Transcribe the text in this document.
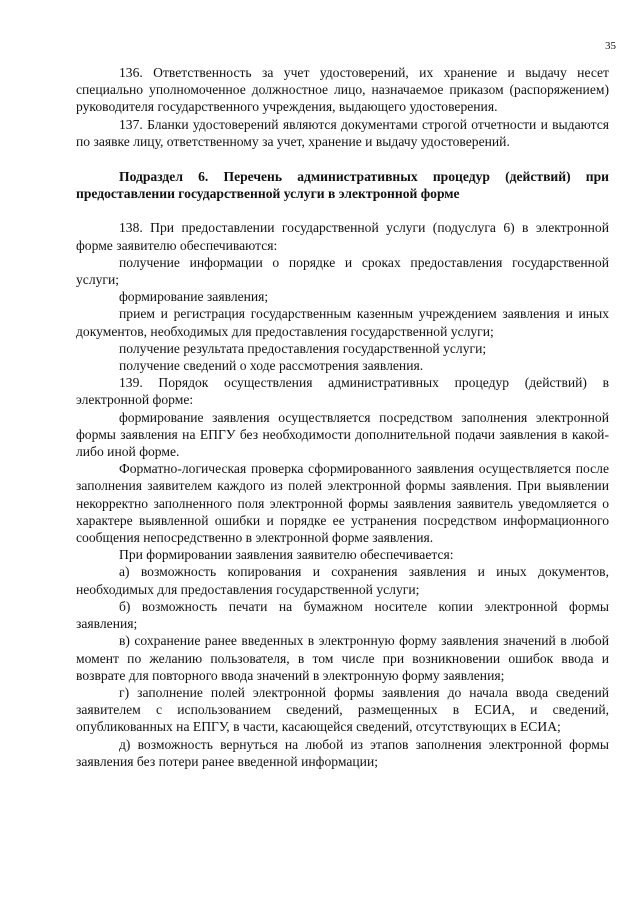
35

136. Ответственность за учет удостоверений, их хранение и выдачу несет специально уполномоченное должностное лицо, назначаемое приказом (распоряжением) руководителя государственного учреждения, выдающего удостоверения.

137. Бланки удостоверений являются документами строгой отчетности и выдаются по заявке лицу, ответственному за учет, хранение и выдачу удостоверений.

Подраздел 6. Перечень административных процедур (действий) при предоставлении государственной услуги в электронной форме

138. При предоставлении государственной услуги (подуслуга 6) в электронной форме заявителю обеспечиваются:

получение информации о порядке и сроках предоставления государственной услуги;

формирование заявления;

прием и регистрация государственным казенным учреждением заявления и иных документов, необходимых для предоставления государственной услуги;

получение результата предоставления государственной услуги;

получение сведений о ходе рассмотрения заявления.

139. Порядок осуществления административных процедур (действий) в электронной форме:

формирование заявления осуществляется посредством заполнения электронной формы заявления на ЕПГУ без необходимости дополнительной подачи заявления в какой-либо иной форме.

Форматно-логическая проверка сформированного заявления осуществляется после заполнения заявителем каждого из полей электронной формы заявления. При выявлении некорректно заполненного поля электронной формы заявления заявитель уведомляется о характере выявленной ошибки и порядке ее устранения посредством информационного сообщения непосредственно в электронной форме заявления.

При формировании заявления заявителю обеспечивается:

а) возможность копирования и сохранения заявления и иных документов, необходимых для предоставления государственной услуги;

б) возможность печати на бумажном носителе копии электронной формы заявления;

в) сохранение ранее введенных в электронную форму заявления значений в любой момент по желанию пользователя, в том числе при возникновении ошибок ввода и возврате для повторного ввода значений в электронную форму заявления;

г) заполнение полей электронной формы заявления до начала ввода сведений заявителем с использованием сведений, размещенных в ЕСИА, и сведений, опубликованных на ЕПГУ, в части, касающейся сведений, отсутствующих в ЕСИА;

д) возможность вернуться на любой из этапов заполнения электронной формы заявления без потери ранее введенной информации;
